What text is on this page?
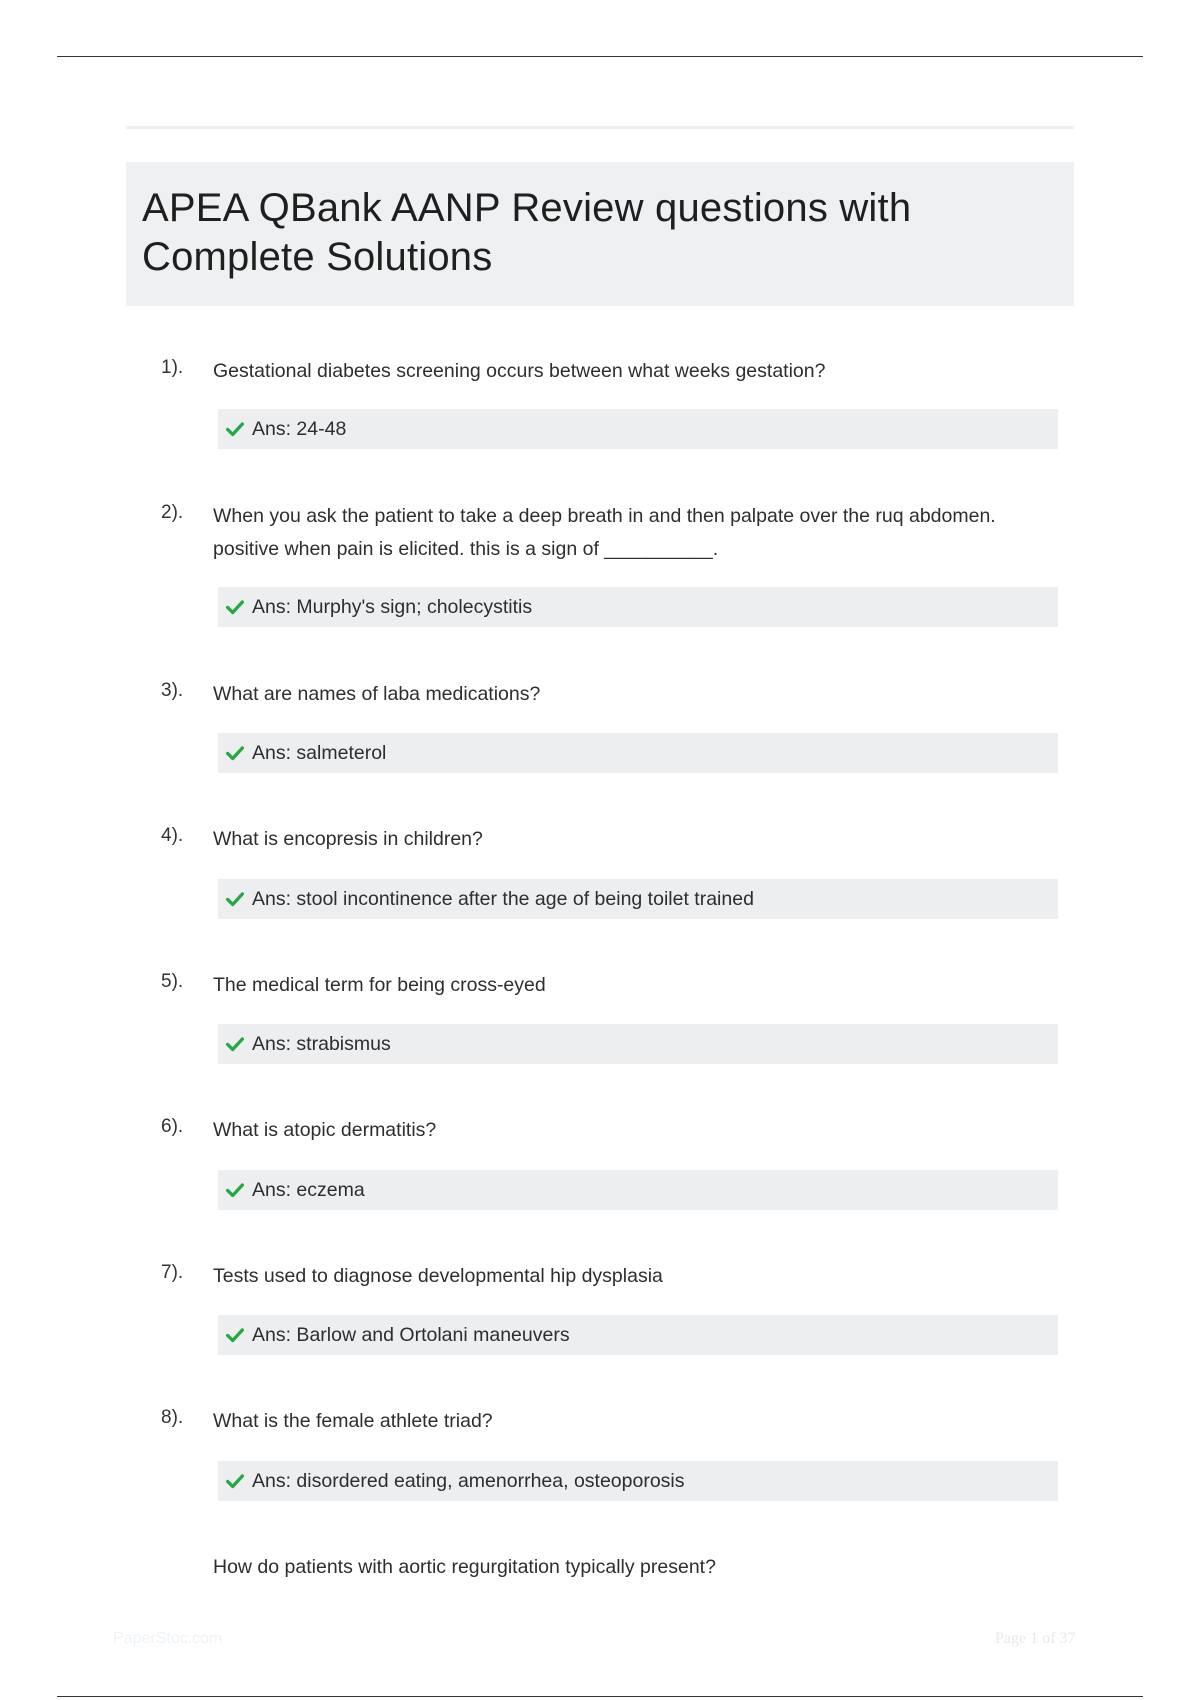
APEA QBank AANP Review questions with
Complete Solutions
1). Gestational diabetes screening occurs between what weeks gestation?
Ans: 24-48
2). When you ask the patient to take a deep breath in and then palpate over the ruq abdomen.
positive when pain is elicited. this is a sign of __________.
Ans: Murphy's sign; cholecystitis
3). What are names of laba medications?
Ans: salmeterol
4). What is encopresis in children?
Ans: stool incontinence after the age of being toilet trained
5). The medical term for being cross-eyed
Ans: strabismus
6). What is atopic dermatitis?
Ans: eczema
7). Tests used to diagnose developmental hip dysplasia
Ans: Barlow and Ortolani maneuvers
8). What is the female athlete triad?
Ans: disordered eating, amenorrhea, osteoporosis
How do patients with aortic regurgitation typically present?
PaperStoc.com	Page 1 of 37
